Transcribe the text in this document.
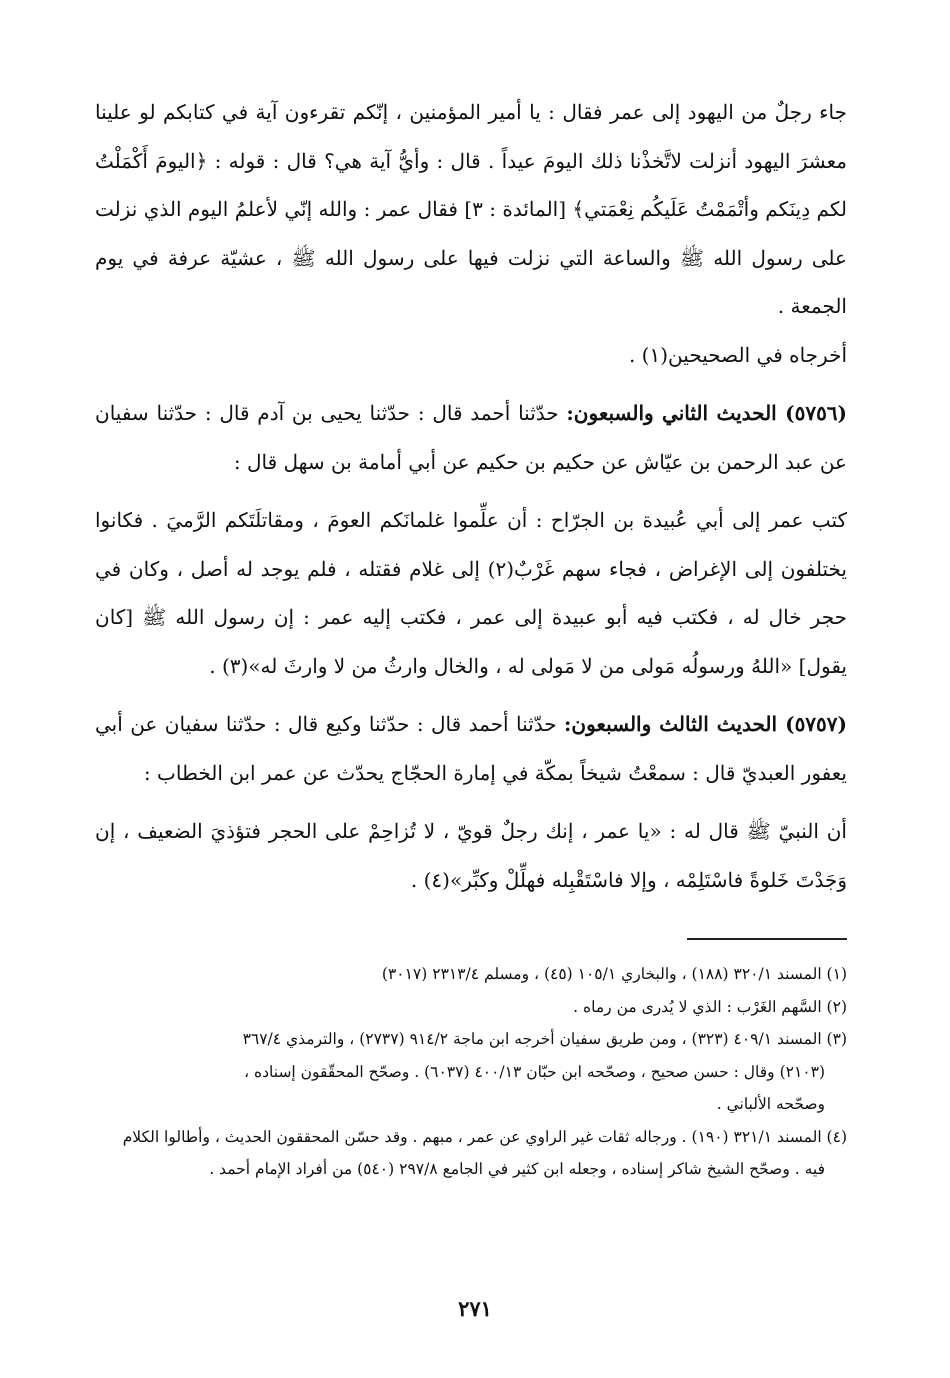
جاء رجلٌ من اليهود إلى عمر فقال : يا أمير المؤمنين ، إنّكم تقرءون آية في كتابكم لو علينا معشرَ اليهود أنزلت لاتَّخذْنا ذلك اليومَ عيداً . قال : وأيُّ آية هي؟ قال : قوله : ﴿اليومَ أَكْمَلْتُ لكم دِينَكم وأتْمَمْتُ عَلَيكُم نِعْمَتي﴾ [المائدة : ٣] فقال عمر : والله إنّي لأعلمُ اليوم الذي نزلت على رسول الله ﷺ والساعة التي نزلت فيها على رسول الله ﷺ ، عشيّة عرفة في يوم الجمعة .

أخرجاه في الصحيحين(١) .

(٥٧٥٦) الحديث الثاني والسبعون: حدّثنا أحمد قال : حدّثنا يحيى بن آدم قال : حدّثنا سفيان عن عبد الرحمن بن عيّاش عن حكيم بن حكيم عن أبي أمامة بن سهل قال :

كتب عمر إلى أبي عُبيدة بن الجرّاح : أن علِّموا غلمانَكم العومَ ، ومقاتلَتَكم الرَّميَ . فكانوا يختلفون إلى الإغراض ، فجاء سهم غَرْبٌ(٢) إلى غلام فقتله ، فلم يوجد له أصل ، وكان في حجر خال له ، فكتب فيه أبو عبيدة إلى عمر ، فكتب إليه عمر : إن رسول الله ﷺ [كان يقول] «اللهُ ورسولُه مَولى من لا مَولى له ، والخال وارثُ من لا وارثَ له»(٣) .

(٥٧٥٧) الحديث الثالث والسبعون: حدّثنا أحمد قال : حدّثنا وكيع قال : حدّثنا سفيان عن أبي يعفور العبديّ قال : سمعْتُ شيخاً بمكّة في إمارة الحجّاج يحدّث عن عمر ابن الخطاب :

أن النبيّ ﷺ قال له : «يا عمر ، إنك رجلٌ قويّ ، لا تُزاحِمْ على الحجر فتؤذيَ الضعيف ، إن وَجَدْتَ خَلوةً فاسْتَلِمْه ، وإلا فاسْتَقْبِله فهلِّلْ وكبِّر»(٤) .

(١) المسند ٣٢٠/١ (١٨٨) ، والبخاري ١٠٥/١ (٤٥) ، ومسلم ٢٣١٣/٤ (٣٠١٧)

(٢) السَّهم الغَرْب : الذي لا يُدرى من رماه .

(٣) المسند ٤٠٩/١ (٣٢٣) ، ومن طريق سفيان أخرجه ابن ماجة ٩١٤/٢ (٢٧٣٧) ، والترمذي ٣٦٧/٤

(٢١٠٣) وقال : حسن صحيح ، وصحّحه ابن حبّان ٤٠٠/١٣ (٦٠٣٧) . وصحّح المحقّقون إسناده ،

وصحّحه الألباني .

(٤) المسند ٣٢١/١ (١٩٠) . ورجاله ثقات غير الراوي عن عمر ، مبهم . وقد حسّن المحققون الحديث ، وأطالوا الكلام

فيه . وصحّح الشيخ شاكر إسناده ، وجعله ابن كثير في الجامع ٢٩٧/٨ (٥٤٠) من أفراد الإمام أحمد .

٢٧١
